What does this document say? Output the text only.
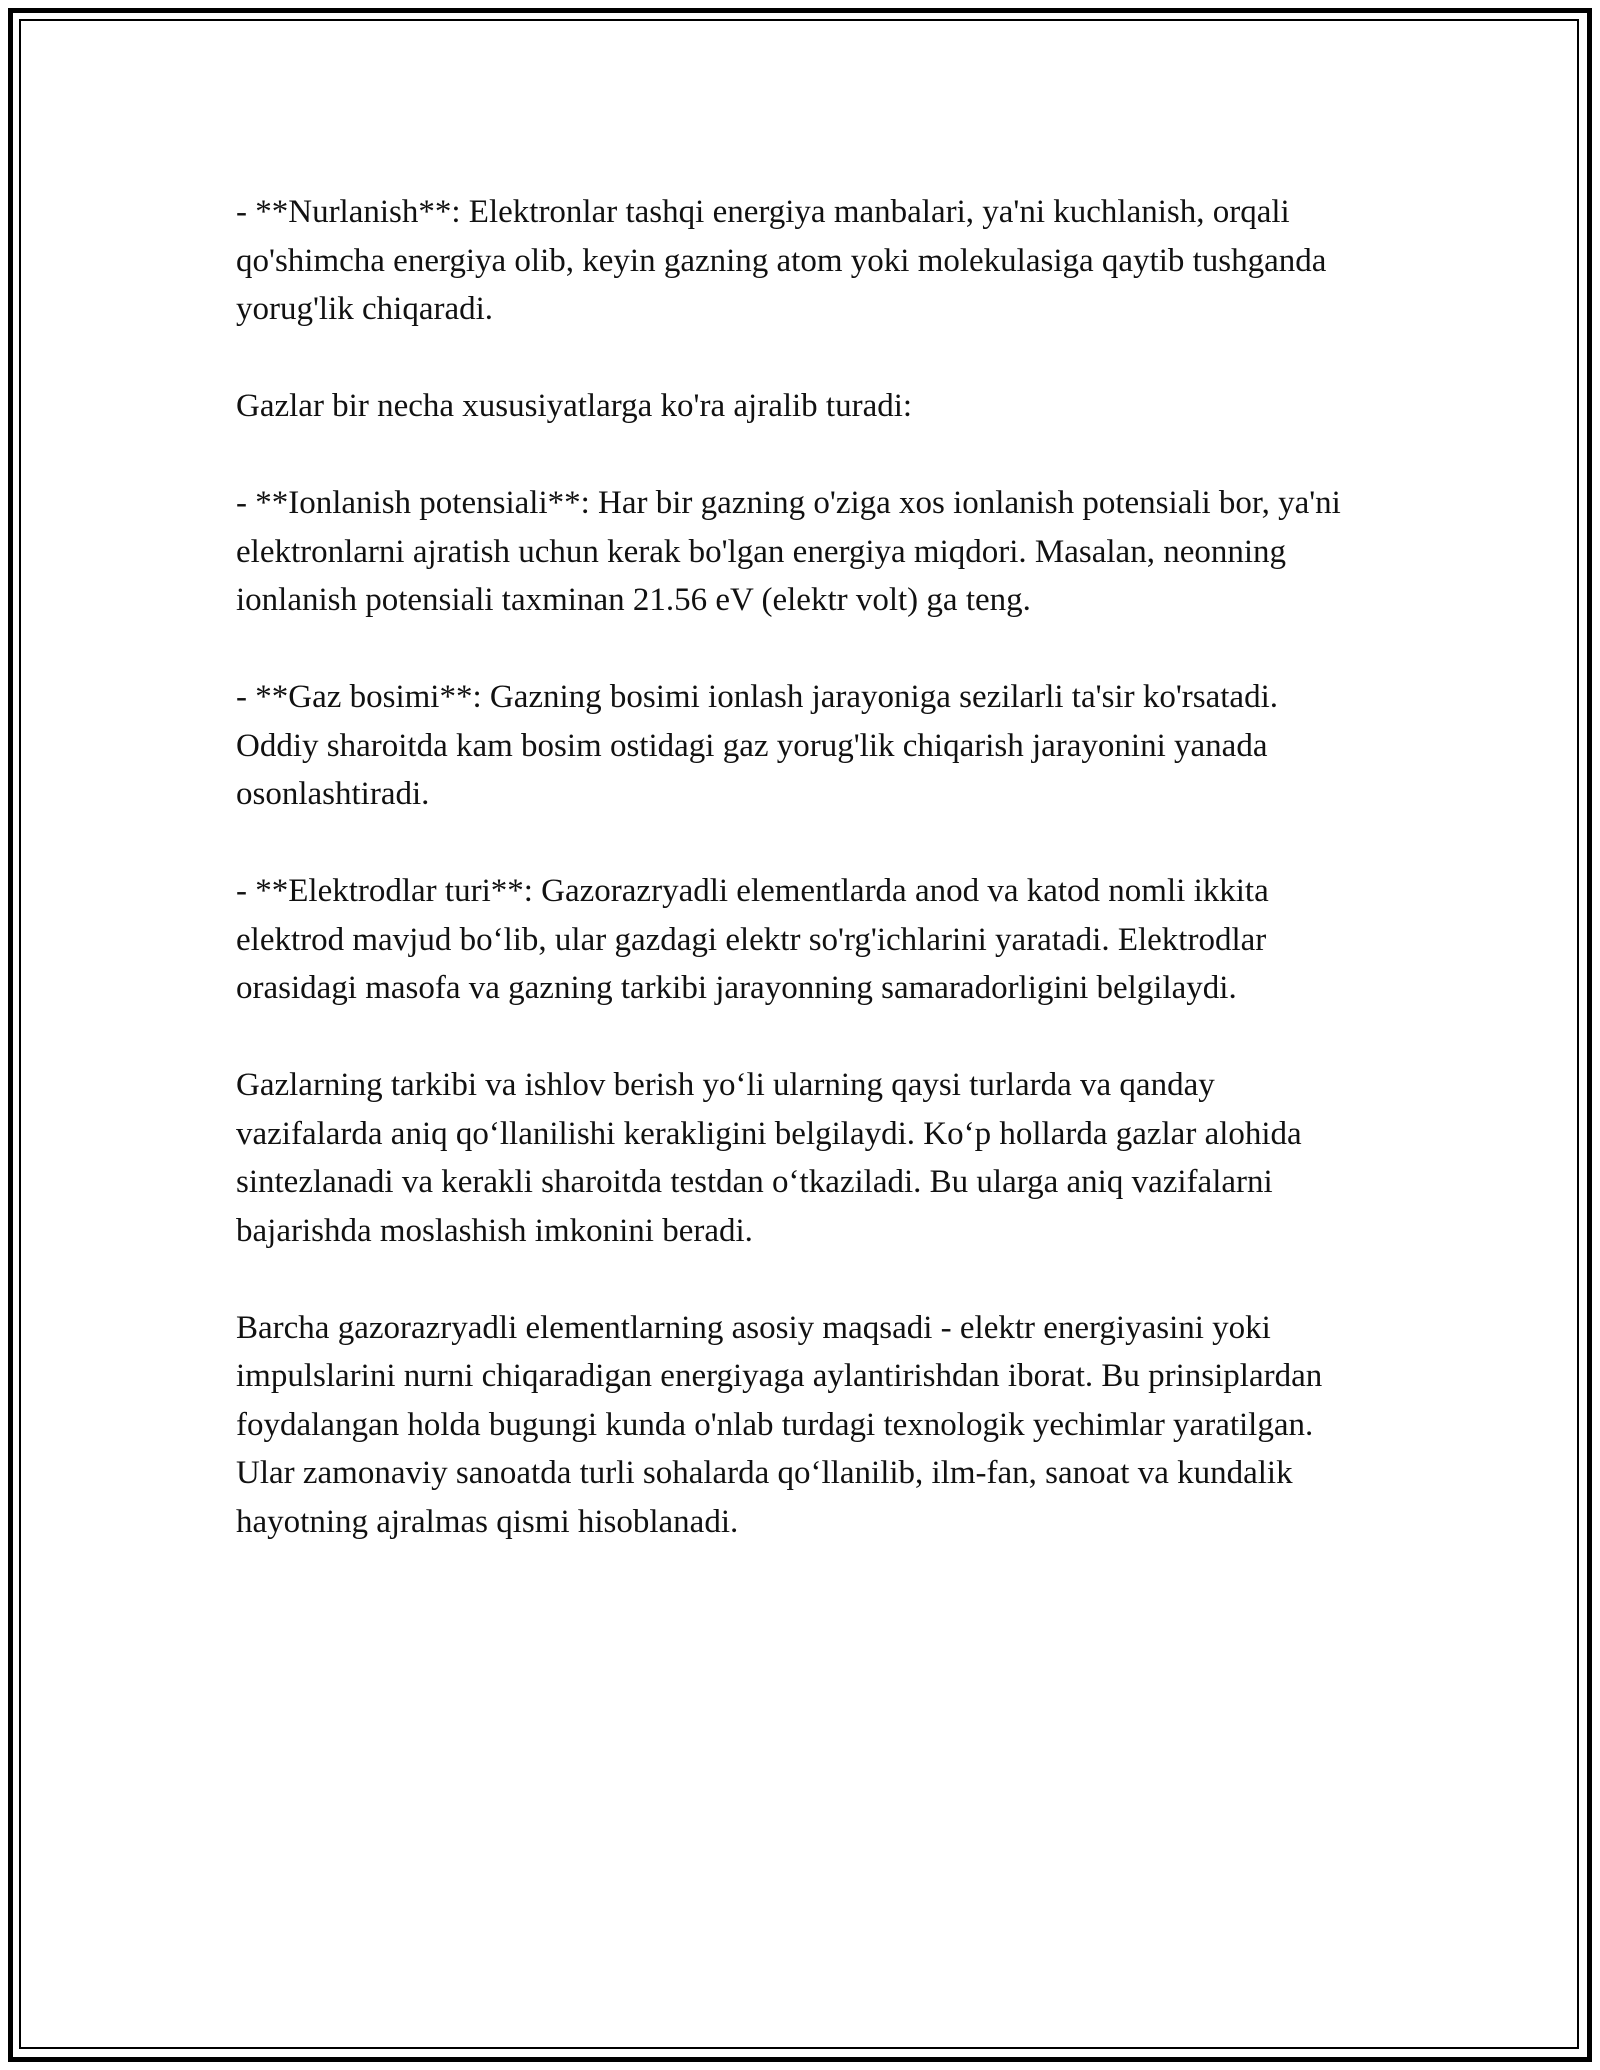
- **Nurlanish**: Elektronlar tashqi energiya manbalari, ya'ni kuchlanish, orqali qo'shimcha energiya olib, keyin gazning atom yoki molekulasiga qaytib tushganda yorug'lik chiqaradi.

Gazlar bir necha xususiyatlarga ko'ra ajralib turadi:

- **Ionlanish potensiali**: Har bir gazning o'ziga xos ionlanish potensiali bor, ya'ni elektronlarni ajratish uchun kerak bo'lgan energiya miqdori. Masalan, neonning ionlanish potensiali taxminan 21.56 eV (elektr volt) ga teng.

- **Gaz bosimi**: Gazning bosimi ionlash jarayoniga sezilarli ta'sir ko'rsatadi. Oddiy sharoitda kam bosim ostidagi gaz yorug'lik chiqarish jarayonini yanada osonlashtiradi.

- **Elektrodlar turi**: Gazorazryadli elementlarda anod va katod nomli ikkita elektrod mavjud bo‘lib, ular gazdagi elektr so'rg'ichlarini yaratadi. Elektrodlar orasidagi masofa va gazning tarkibi jarayonning samaradorligini belgilaydi.

Gazlarning tarkibi va ishlov berish yo‘li ularning qaysi turlarda va qanday vazifalarda aniq qo‘llanilishi kerakligini belgilaydi. Ko‘p hollarda gazlar alohida sintezlanadi va kerakli sharoitda testdan o‘tkaziladi. Bu ularga aniq vazifalarni bajarishda moslashish imkonini beradi.

Barcha gazorazryadli elementlarning asosiy maqsadi - elektr energiyasini yoki impulslarini nurni chiqaradigan energiyaga aylantirishdan iborat. Bu prinsiplardan foydalangan holda bugungi kunda o'nlab turdagi texnologik yechimlar yaratilgan. Ular zamonaviy sanoatda turli sohalarda qo‘llanilib, ilm-fan, sanoat va kundalik hayotning ajralmas qismi hisoblanadi.
